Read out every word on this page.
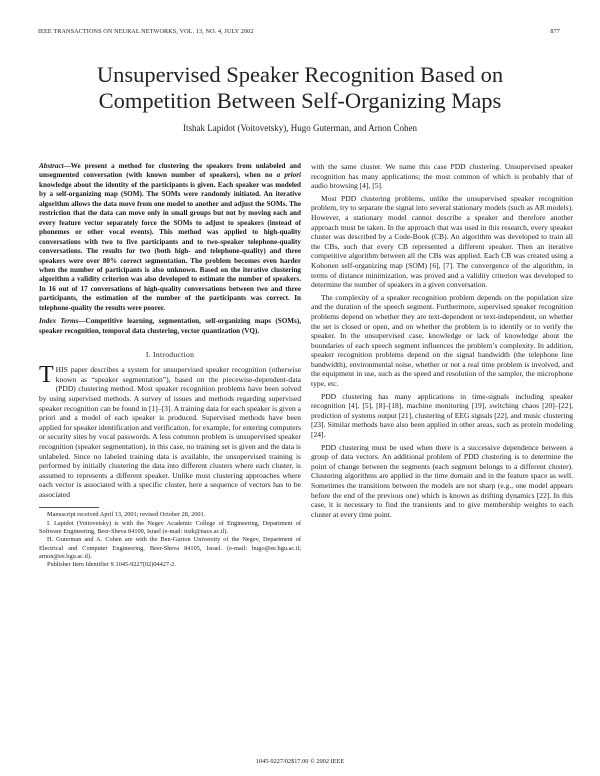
IEEE TRANSACTIONS ON NEURAL NETWORKS, VOL. 13, NO. 4, JULY 2002	877
Unsupervised Speaker Recognition Based on
Competition Between Self-Organizing Maps
Itshak Lapidot (Voitovetsky), Hugo Guterman, and Arnon Cohen
Abstract—We present a method for clustering the speakers from unlabeled and unsegmented conversation (with known number of speakers), when no a priori knowledge about the identity of the participants is given. Each speaker was modeled by a self-organizing map (SOM). The SOMs were randomly initiated. An iterative algorithm allows the data move from one model to another and adjust the SOMs. The restriction that the data can move only in small groups but not by moving each and every feature vector separately force the SOMs to adjust to speakers (instead of phonemes or other vocal events). This method was applied to high-quality conversations with two to five participants and to two-speaker telephone-quality conversations. The results for two (both high- and telephone-quality) and three speakers were over 80% correct segmentation. The problem becomes even harder when the number of participants is also unknown. Based on the iterative clustering algorithm a validity criterion was also developed to estimate the number of speakers. In 16 out of 17 conversations of high-quality conversations between two and three participants, the estimation of the number of the participants was correct. In telephone-quality the results were poorer.
Index Terms—Competitive learning, segmentation, self-organizing maps (SOMs), speaker recognition, temporal data clustering, vector quantization (VQ).
I. Introduction

THIS paper describes a system for unsupervised speaker recognition (otherwise known as “speaker segmentation”), based on the piecewise-dependent-data (PDD) clustering method. Most speaker recognition problems have been solved by using supervised methods. A survey of issues and methods regarding supervised speaker recognition can be found in [1]–[3]. A training data for each speaker is given a priori and a model of each speaker is produced. Supervised methods have been applied for speaker identification and verification, for example, for entering computers or security sites by vocal passwords. A less common problem is unsupervised speaker recognition (speaker segmentation), in this case, no training set is given and the data is unlabeled. Since no labeled training data is available, the unsupervised training is performed by initially clustering the data into different clusters where each cluster, is assumed to represents a different speaker. Unlike most clustering approaches where each vector is associated with a specific cluster, here a sequence of vectors has to be associated

Manuscript received April 13, 2001; revised October 28, 2001.

I. Lapidot (Voitovetsky) is with the Negev Academic College of Engineering, Department of Software Engineering, Beer-Sheva 84100, Israel (e-mail: itsik@nace.ac.il).

H. Guterman and A. Cohen are with the Ben-Gurion University of the Negev, Department of Electrical and Computer Engineering, Beer-Sheva 84105, Israel. (e-mail: hugo@ee.bgu.ac.il; arnon@ee.bgu.ac.il).

Publisher Item Identifier S 1045-9227(02)04427-2.

with the same cluster. We name this case PDD clustering. Unsupervised speaker recognition has many applications; the most common of which is probably that of audio browsing [4], [5].

Most PDD clustering problems, unlike the unsupervised speaker recognition problem, try to separate the signal into several stationary models (such as AR models). However, a stationary model cannot describe a speaker and therefore another approach must be taken. In the approach that was used in this research, every speaker cluster was described by a Code-Book (CB). An algorithm was developed to train all the CBs, such that every CB represented a different speaker. Then an iterative competitive algorithm between all the CBs was applied. Each CB was created using a Kohonen self-organizing map (SOM) [6], [7]. The convergence of the algorithm, in terms of distance minimization, was proved and a validity criterion was developed to determine the number of speakers in a given conversation.

The complexity of a speaker recognition problem depends on the population size and the duration of the speech segment. Furthermore, supervised speaker recognition problems depend on whether they are text-dependent or text-independent, on whether the set is closed or open, and on whether the problem is to identify or to verify the speaker. In the unsupervised case, knowledge or lack of knowledge about the boundaries of each speech segment influences the problem’s complexity. In addition, speaker recognition problems depend on the signal bandwidth (the telephone line bandwidth), environmental noise, whether or not a real time problem is involved, and the equipment in use, such as the speed and resolution of the sampler, the microphone type, etc.

PDD clustering has many applications in time-signals including speaker recognition [4], [5], [8]–[18], machine monitoring [19], switching chaos [20]–[22], prediction of systems output [21], clustering of EEG signals [22], and music clustering [23]. Similar methods have also been applied in other areas, such as protein modeling [24].

PDD clustering must be used when there is a successive dependence between a group of data vectors. An additional problem of PDD clustering is to determine the point of change between the segments (each segment belongs to a different cluster). Clustering algorithms are applied in the time domain and in the feature space as well. Sometimes the transitions between the models are not sharp (e.g., one model appears before the end of the previous one) which is known as drifting dynamics [22]. In this case, it is necessary to find the transients and to give membership weights to each cluster at every time point.

1045-9227/02$17.00 © 2002 IEEE
